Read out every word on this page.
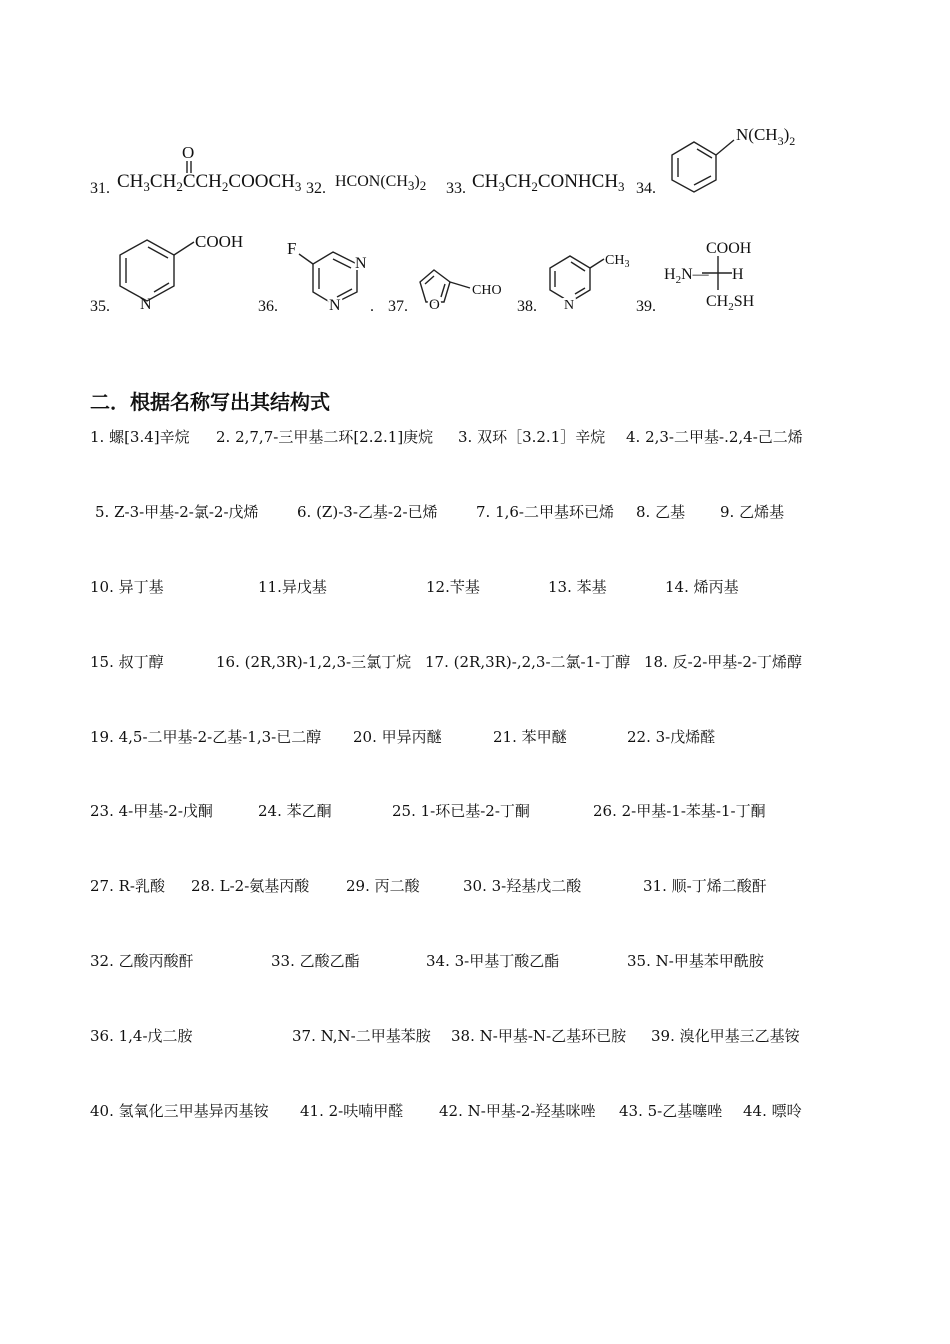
31. $CH_3CH_2CCH_2COOCH_3$
O
32. $HCON(CH_3)_2$ 33. $CH_3CH_2CONHCH_3$ 34.
$N(CH_3)_2$
35.
COOH
N	36.
F
N
N . 37. O
CHO
38.
$CH_3$
N	39.
COOH
$H_2N—$ H
$CH_2SH$
二．根据名称写出其结构式
1. 螺[3.4]辛烷 2. 2,7,7-三甲基二环[2.2.1]庚烷 3. 双环［3.2.1］辛烷 4. 2,3-二甲基-.2,4-己二烯
5. Z-3-甲基-2-氯-2-戊烯	6. (Z)-3-乙基-2-已烯	7. 1,6-二甲基环已烯 8. 乙基 9. 乙烯基
10. 异丁基	11.异戊基	12.苄基	13. 苯基	14. 烯丙基
15. 叔丁醇	16. (2R,3R)-1,2,3-三氯丁烷 17. (2R,3R)-,2,3-二氯-1-丁醇 18. 反-2-甲基-2-丁烯醇
19. 4,5-二甲基-2-乙基-1,3-已二醇 20. 甲异丙醚	21. 苯甲醚	22. 3-戊烯醛
23. 4-甲基-2-戊酮	24. 苯乙酮	25. 1-环已基-2-丁酮	26. 2-甲基-1-苯基-1-丁酮
27. R-乳酸 28. L-2-氨基丙酸 29. 丙二酸	30. 3-羟基戊二酸	31. 顺-丁烯二酸酐
32. 乙酸丙酸酐	33. 乙酸乙酯	34. 3-甲基丁酸乙酯	35. N-甲基苯甲酰胺
36. 1,4-戊二胺	37. N,N-二甲基苯胺 38. N-甲基-N-乙基环已胺 39. 溴化甲基三乙基铵
40. 氢氧化三甲基异丙基铵 41. 2-呋喃甲醛 42. N-甲基-2-羟基咪唑 43. 5-乙基噻唑 44. 嘌呤
